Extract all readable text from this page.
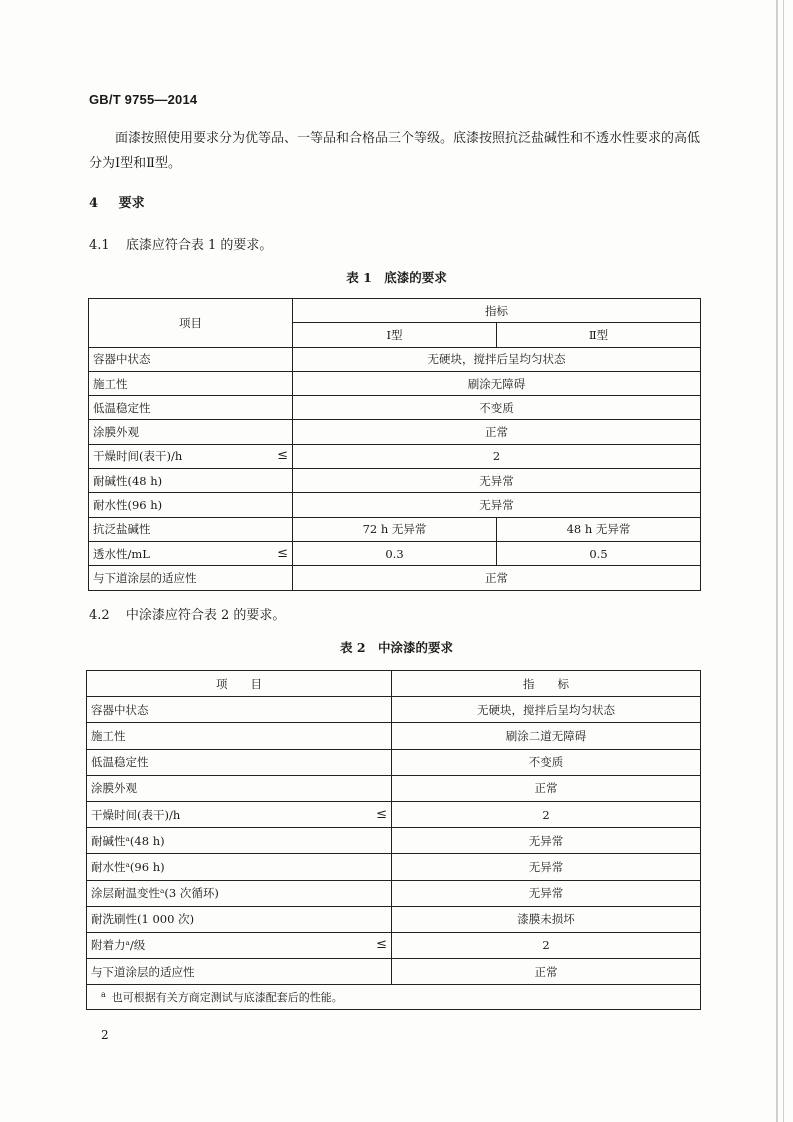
GB/T 9755—2014
面漆按照使用要求分为优等品、一等品和合格品三个等级。底漆按照抗泛盐碱性和不透水性要求的高低分为Ⅰ型和Ⅱ型。
4 要求
4.1 底漆应符合表 1 的要求。
表 1　底漆的要求
项目	指标	
	Ⅰ型	Ⅱ型
容器中状态	无硬块，搅拌后呈均匀状态	
施工性	刷涂无障碍	
低温稳定性	不变质	
涂膜外观	正常	
干燥时间(表干)/h ≤	2	
耐碱性(48 h)	无异常	
耐水性(96 h)	无异常	
抗泛盐碱性	72 h 无异常	48 h 无异常
透水性/mL ≤	0.3	0.5
与下道涂层的适应性	正常	
4.2 中涂漆应符合表 2 的要求。
表 2　中涂漆的要求
项　　目	指　　标
容器中状态	无硬块，搅拌后呈均匀状态
施工性	刷涂二道无障碍
低温稳定性	不变质
涂膜外观	正常
干燥时间(表干)/h ≤	2
耐碱性ᵃ(48 h)	无异常
耐水性ᵃ(96 h)	无异常
涂层耐温变性ᵃ(3 次循环)	无异常
耐洗刷性(1 000 次)	漆膜未损坏
附着力ᵃ/级 ≤	2
与下道涂层的适应性	正常
$^a$ 也可根据有关方商定测试与底漆配套后的性能。	
2
